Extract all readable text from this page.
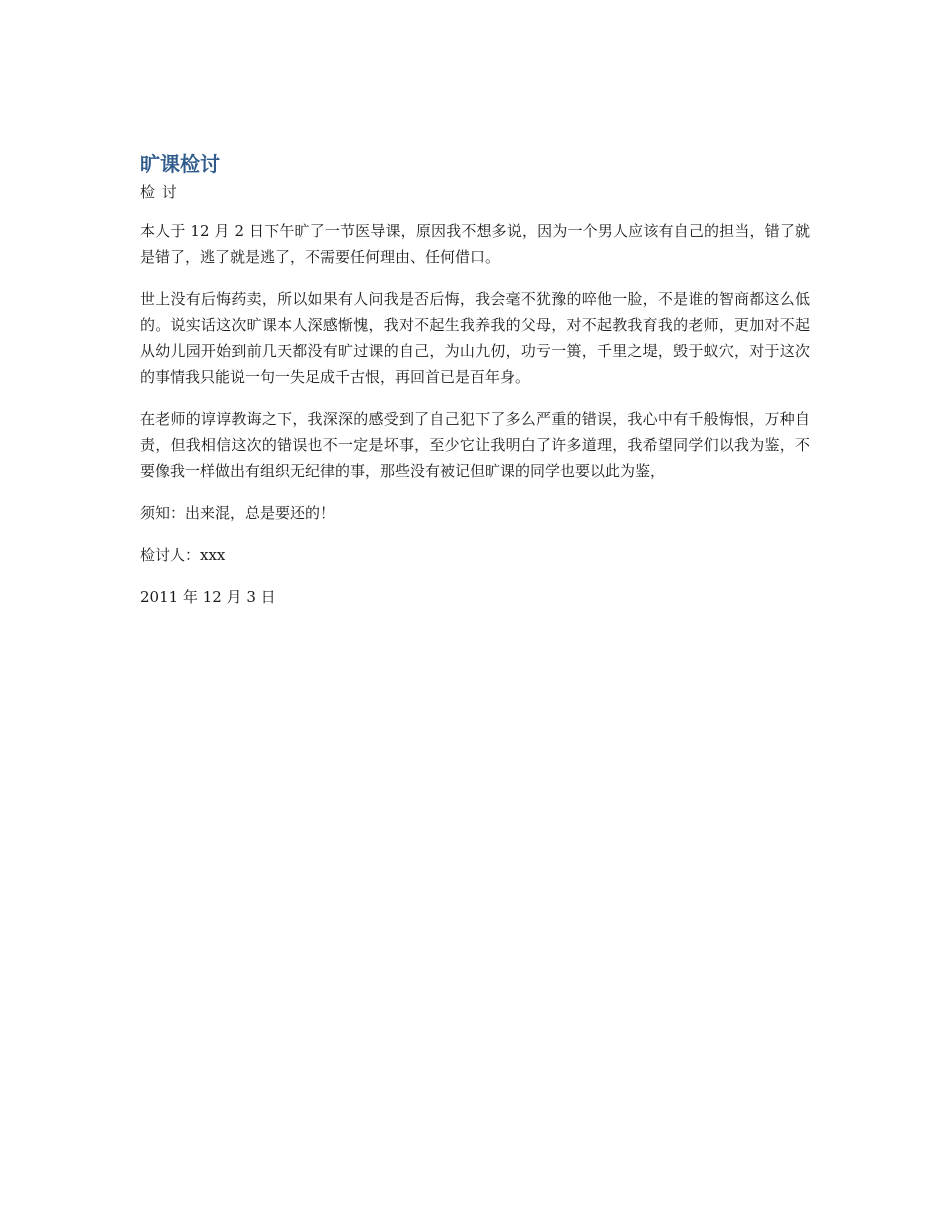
旷课检讨

检 讨

本人于 12 月 2 日下午旷了一节医导课，原因我不想多说，因为一个男人应该有自己的担当，错了就是错了，逃了就是逃了，不需要任何理由、任何借口。

世上没有后悔药卖，所以如果有人问我是否后悔，我会毫不犹豫的啐他一脸，不是谁的智商都这么低的。说实话这次旷课本人深感惭愧，我对不起生我养我的父母，对不起教我育我的老师，更加对不起从幼儿园开始到前几天都没有旷过课的自己，为山九仞，功亏一篑，千里之堤，毁于蚁穴，对于这次的事情我只能说一句一失足成千古恨，再回首已是百年身。

在老师的谆谆教诲之下，我深深的感受到了自己犯下了多么严重的错误，我心中有千般悔恨，万种自责，但我相信这次的错误也不一定是坏事，至少它让我明白了许多道理，我希望同学们以我为鉴，不要像我一样做出有组织无纪律的事，那些没有被记但旷课的同学也要以此为鉴，

须知：出来混，总是要还的！

检讨人：xxx

2011 年 12 月 3 日
